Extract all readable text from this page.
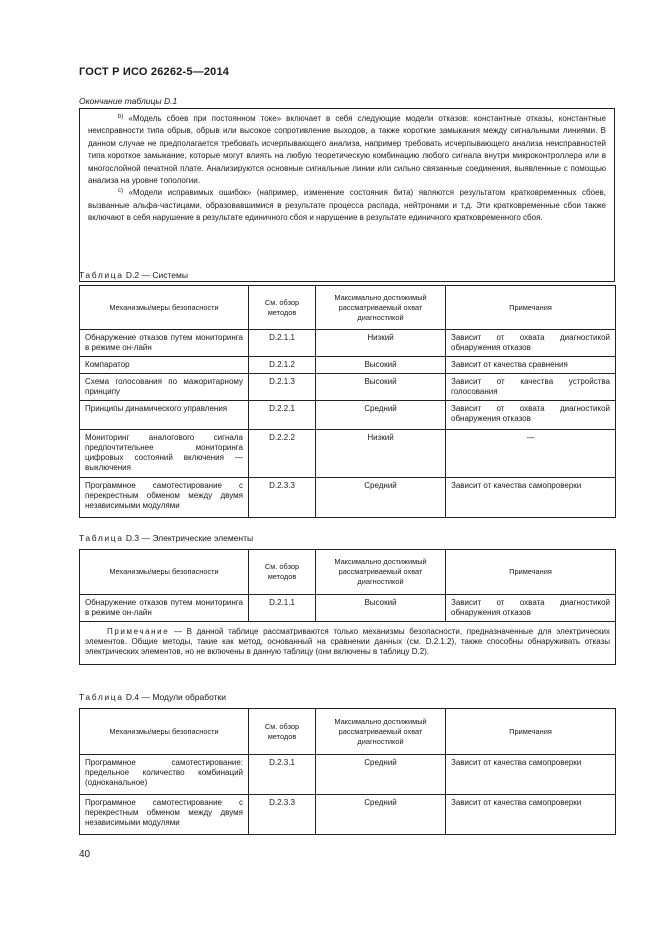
ГОСТ Р ИСО 26262-5—2014
Окончание таблицы D.1

$^{b)}$ «Модель сбоев при постоянном токе» включает в себя следующие модели отказов: константные отказы, константные неисправности типа обрыв, обрыв или высокое сопротивление выходов, а также короткие замыкания между сигнальными линиями. В данном случае не предполагается требовать исчерпывающего анализа, например требовать исчерпывающего анализа неисправностей типа короткое замыкание, которые могут влиять на любую теоретическую комбинацию любого сигнала внутри микроконтроллера или в многослойной печатной плате. Анализируются основные сигнальные линии или сильно связанные соединения, выявленные с помощью анализа на уровне топологии.

$^{c)}$ «Модели исправимых ошибок» (например, изменение состояния бита) являются результатом кратковременных сбоев, вызванные альфа-частицами, образовавшимися в результате процесса распада, нейтронами и т.д. Эти кратковременные сбои также включают в себя нарушение в результате единичного сбоя и нарушение в результате единичного кратковременного сбоя.

Таблица D.2 — Системы
Механизмы/меры безопасности	См. обзор методов	Максимально достижимый рассматриваемый охват диагностикой	Примечания
Обнаружение отказов путем мониторинга в режиме он-лайн	D.2.1.1	Низкий	Зависит от охвата диагностикой обнаружения отказов
Компаратор	D.2.1.2	Высокий	Зависит от качества сравнения
Схема голосования по мажоритарному принципу	D.2.1.3	Высокий	Зависит от качества устройства голосования
Принципы динамического управления	D.2.2.1	Средний	Зависит от охвата диагностикой обнаружения отказов
Мониторинг аналогового сигнала предпочтительнее мониторинга цифровых состояний включения — выключения	D.2.2.2	Низкий	—
Программное самотестирование с перекрестным обменом между двумя независимыми модулями	D.2.3.3	Средний	Зависит от качества самопроверки
Таблица D.3 — Электрические элементы
Механизмы/меры безопасности	См. обзор методов	Максимально достижимый рассматриваемый охват диагностикой	Примечания
Обнаружение отказов путем мониторинга в режиме он-лайн	D.2.1.1	Высокий	Зависит от охвата диагностикой обнаружения отказов
Примечание — В данной таблице рассматриваются только механизмы безопасности, предназначенные для электрических элементов. Общие методы, такие как метод, основанный на сравнении данных (см. D.2.1.2), также способны обнаруживать отказы электрических элементов, но не включены в данную таблицу (они включены в таблицу D.2).			
Таблица D.4 — Модули обработки
Механизмы/меры безопасности	См. обзор методов	Максимально достижимый рассматриваемый охват диагностикой	Примечания
Программное самотестирование: предельное количество комбинаций (одноканальное)	D.2.3.1	Средний	Зависит от качества самопроверки
Программное самотестирование с перекрестным обменом между двумя независимыми модулями	D.2.3.3	Средний	Зависит от качества самопроверки
40
